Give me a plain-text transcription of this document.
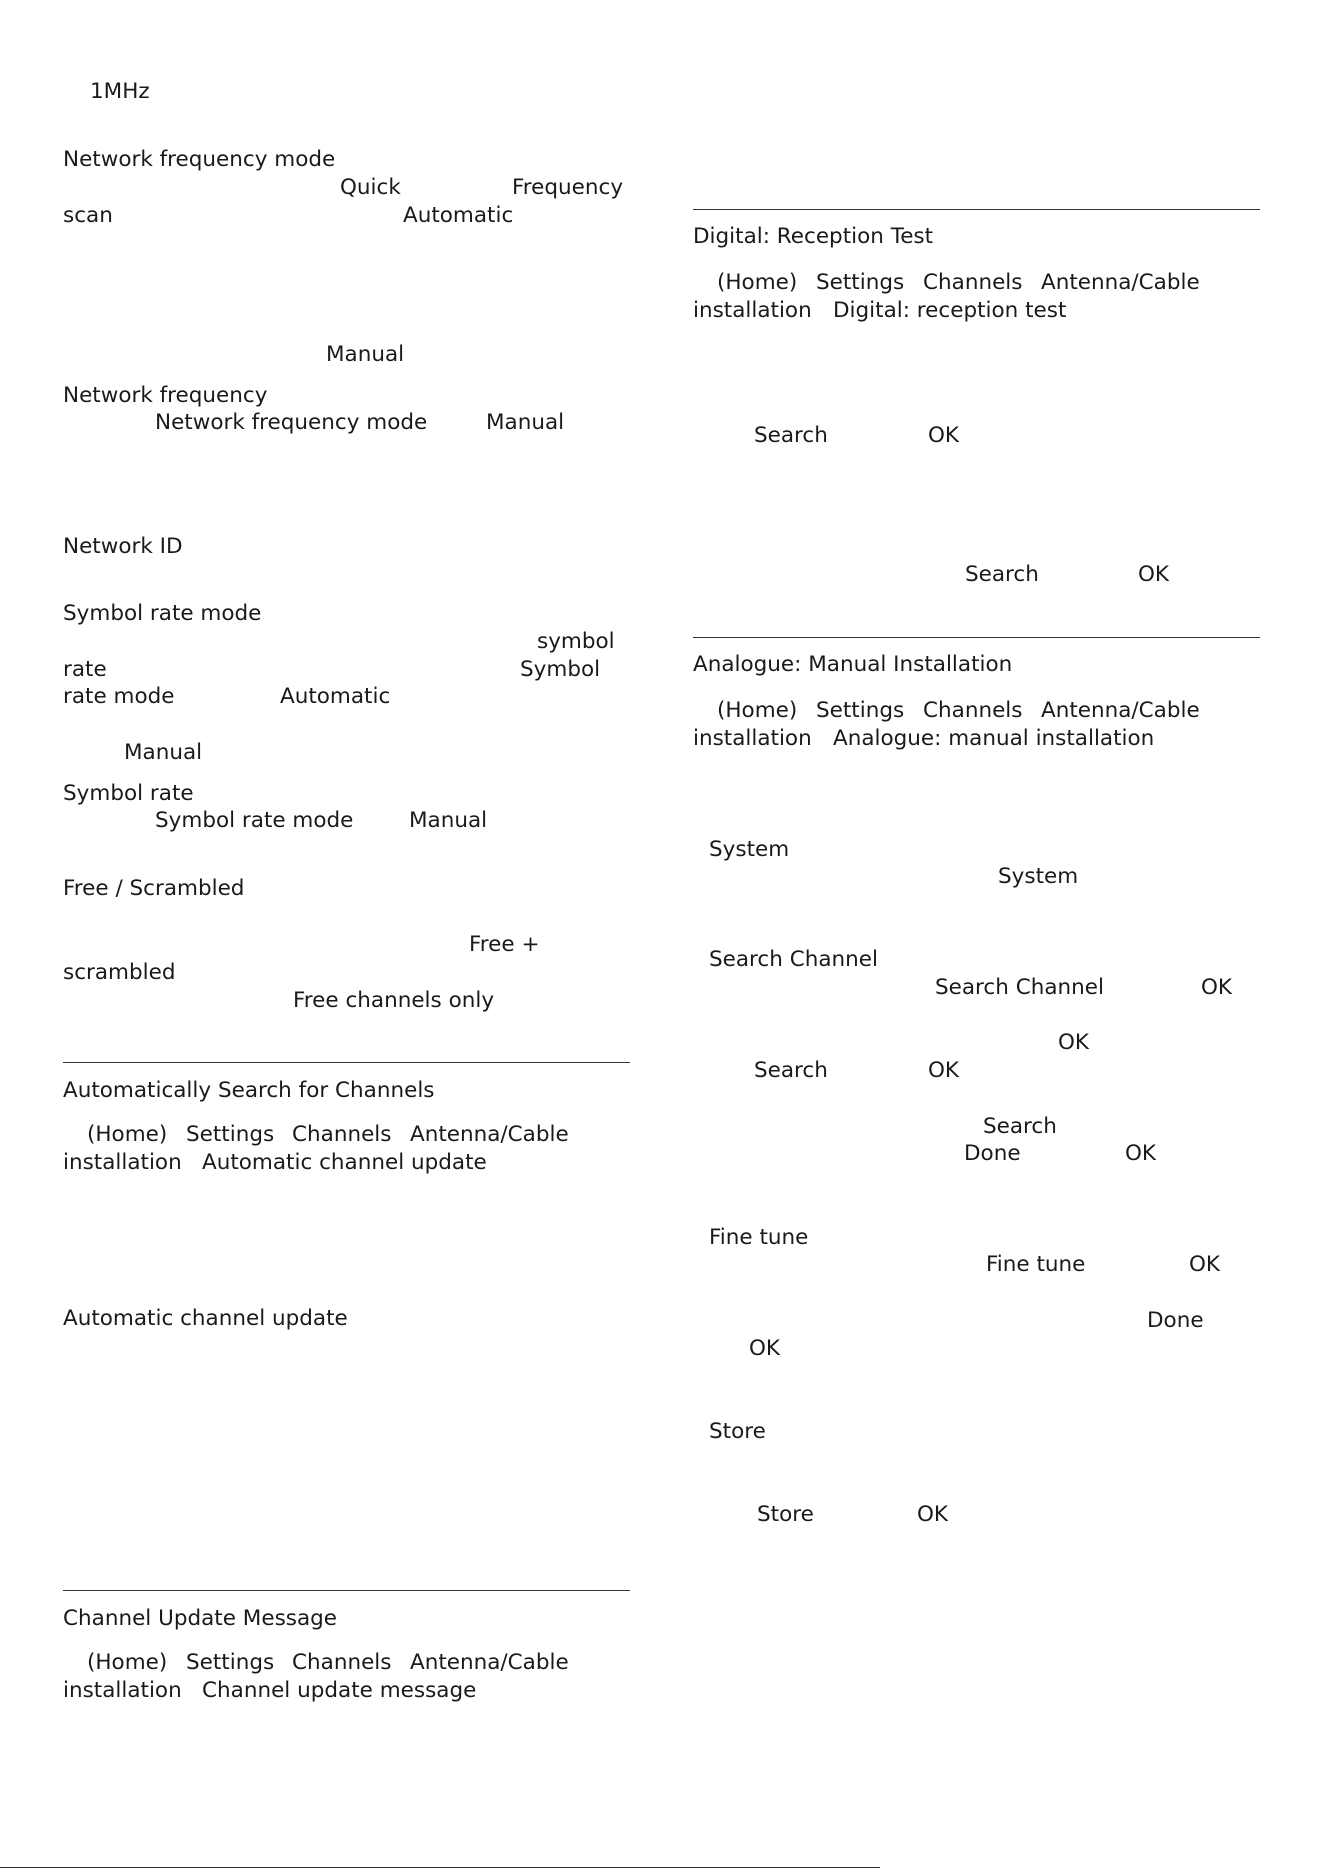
1MHz
Network frequency mode
Quick	Frequency
scan	Automatic
Manual
Network frequency
Network frequency mode	Manual
Network ID
Symbol rate mode
symbol
rate	Symbol
rate mode	Automatic
Manual
Symbol rate
Symbol rate mode	Manual
Free / Scrambled
Free +
scrambled
Free channels only
Automatically Search for Channels
(Home) Settings Channels Antenna/Cable
installation Automatic channel update
Automatic channel update
Channel Update Message
(Home) Settings Channels Antenna/Cable
installation Channel update message
Digital: Reception Test
(Home) Settings Channels Antenna/Cable
installation Digital: reception test
Search	OK
Search	OK
Analogue: Manual Installation
(Home) Settings Channels Antenna/Cable
installation Analogue: manual installation
System
System
Search Channel
Search Channel	OK
OK
Search	OK
Search
Done	OK
Fine tune
Fine tune	OK
Done
OK
Store
Store	OK
